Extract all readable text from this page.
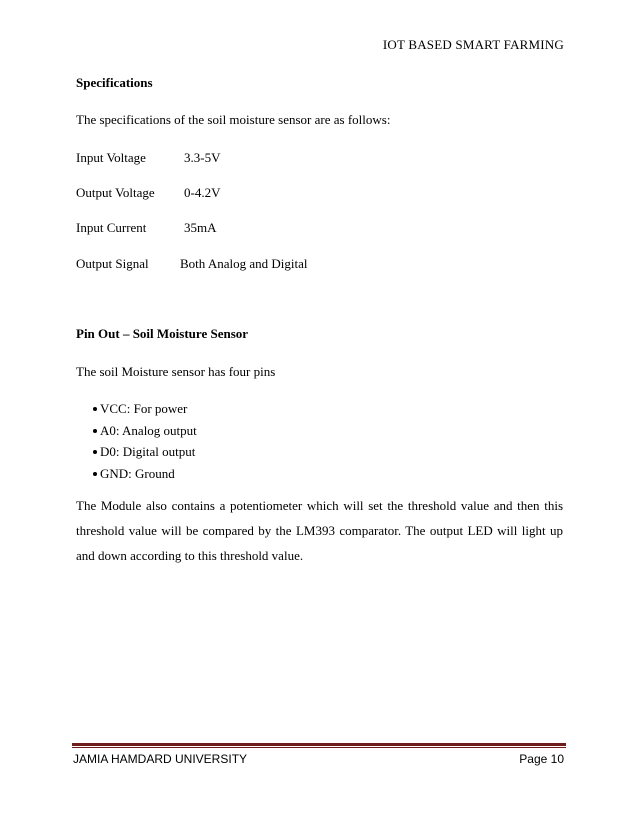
IOT BASED SMART FARMING
Specifications
The specifications of the soil moisture sensor are as follows:
Input Voltage	3.3-5V
Output Voltage 0-4.2V
Input Current	35mA
Output Signal Both Analog and Digital
Pin Out – Soil Moisture Sensor
The soil Moisture sensor has four pins
VCC: For power
A0: Analog output
D0: Digital output
GND: Ground
The Module also contains a potentiometer which will set the threshold value and then this threshold value will be compared by the LM393 comparator. The output LED will light up and down according to this threshold value.
JAMIA HAMDARD UNIVERSITY	Page 10
